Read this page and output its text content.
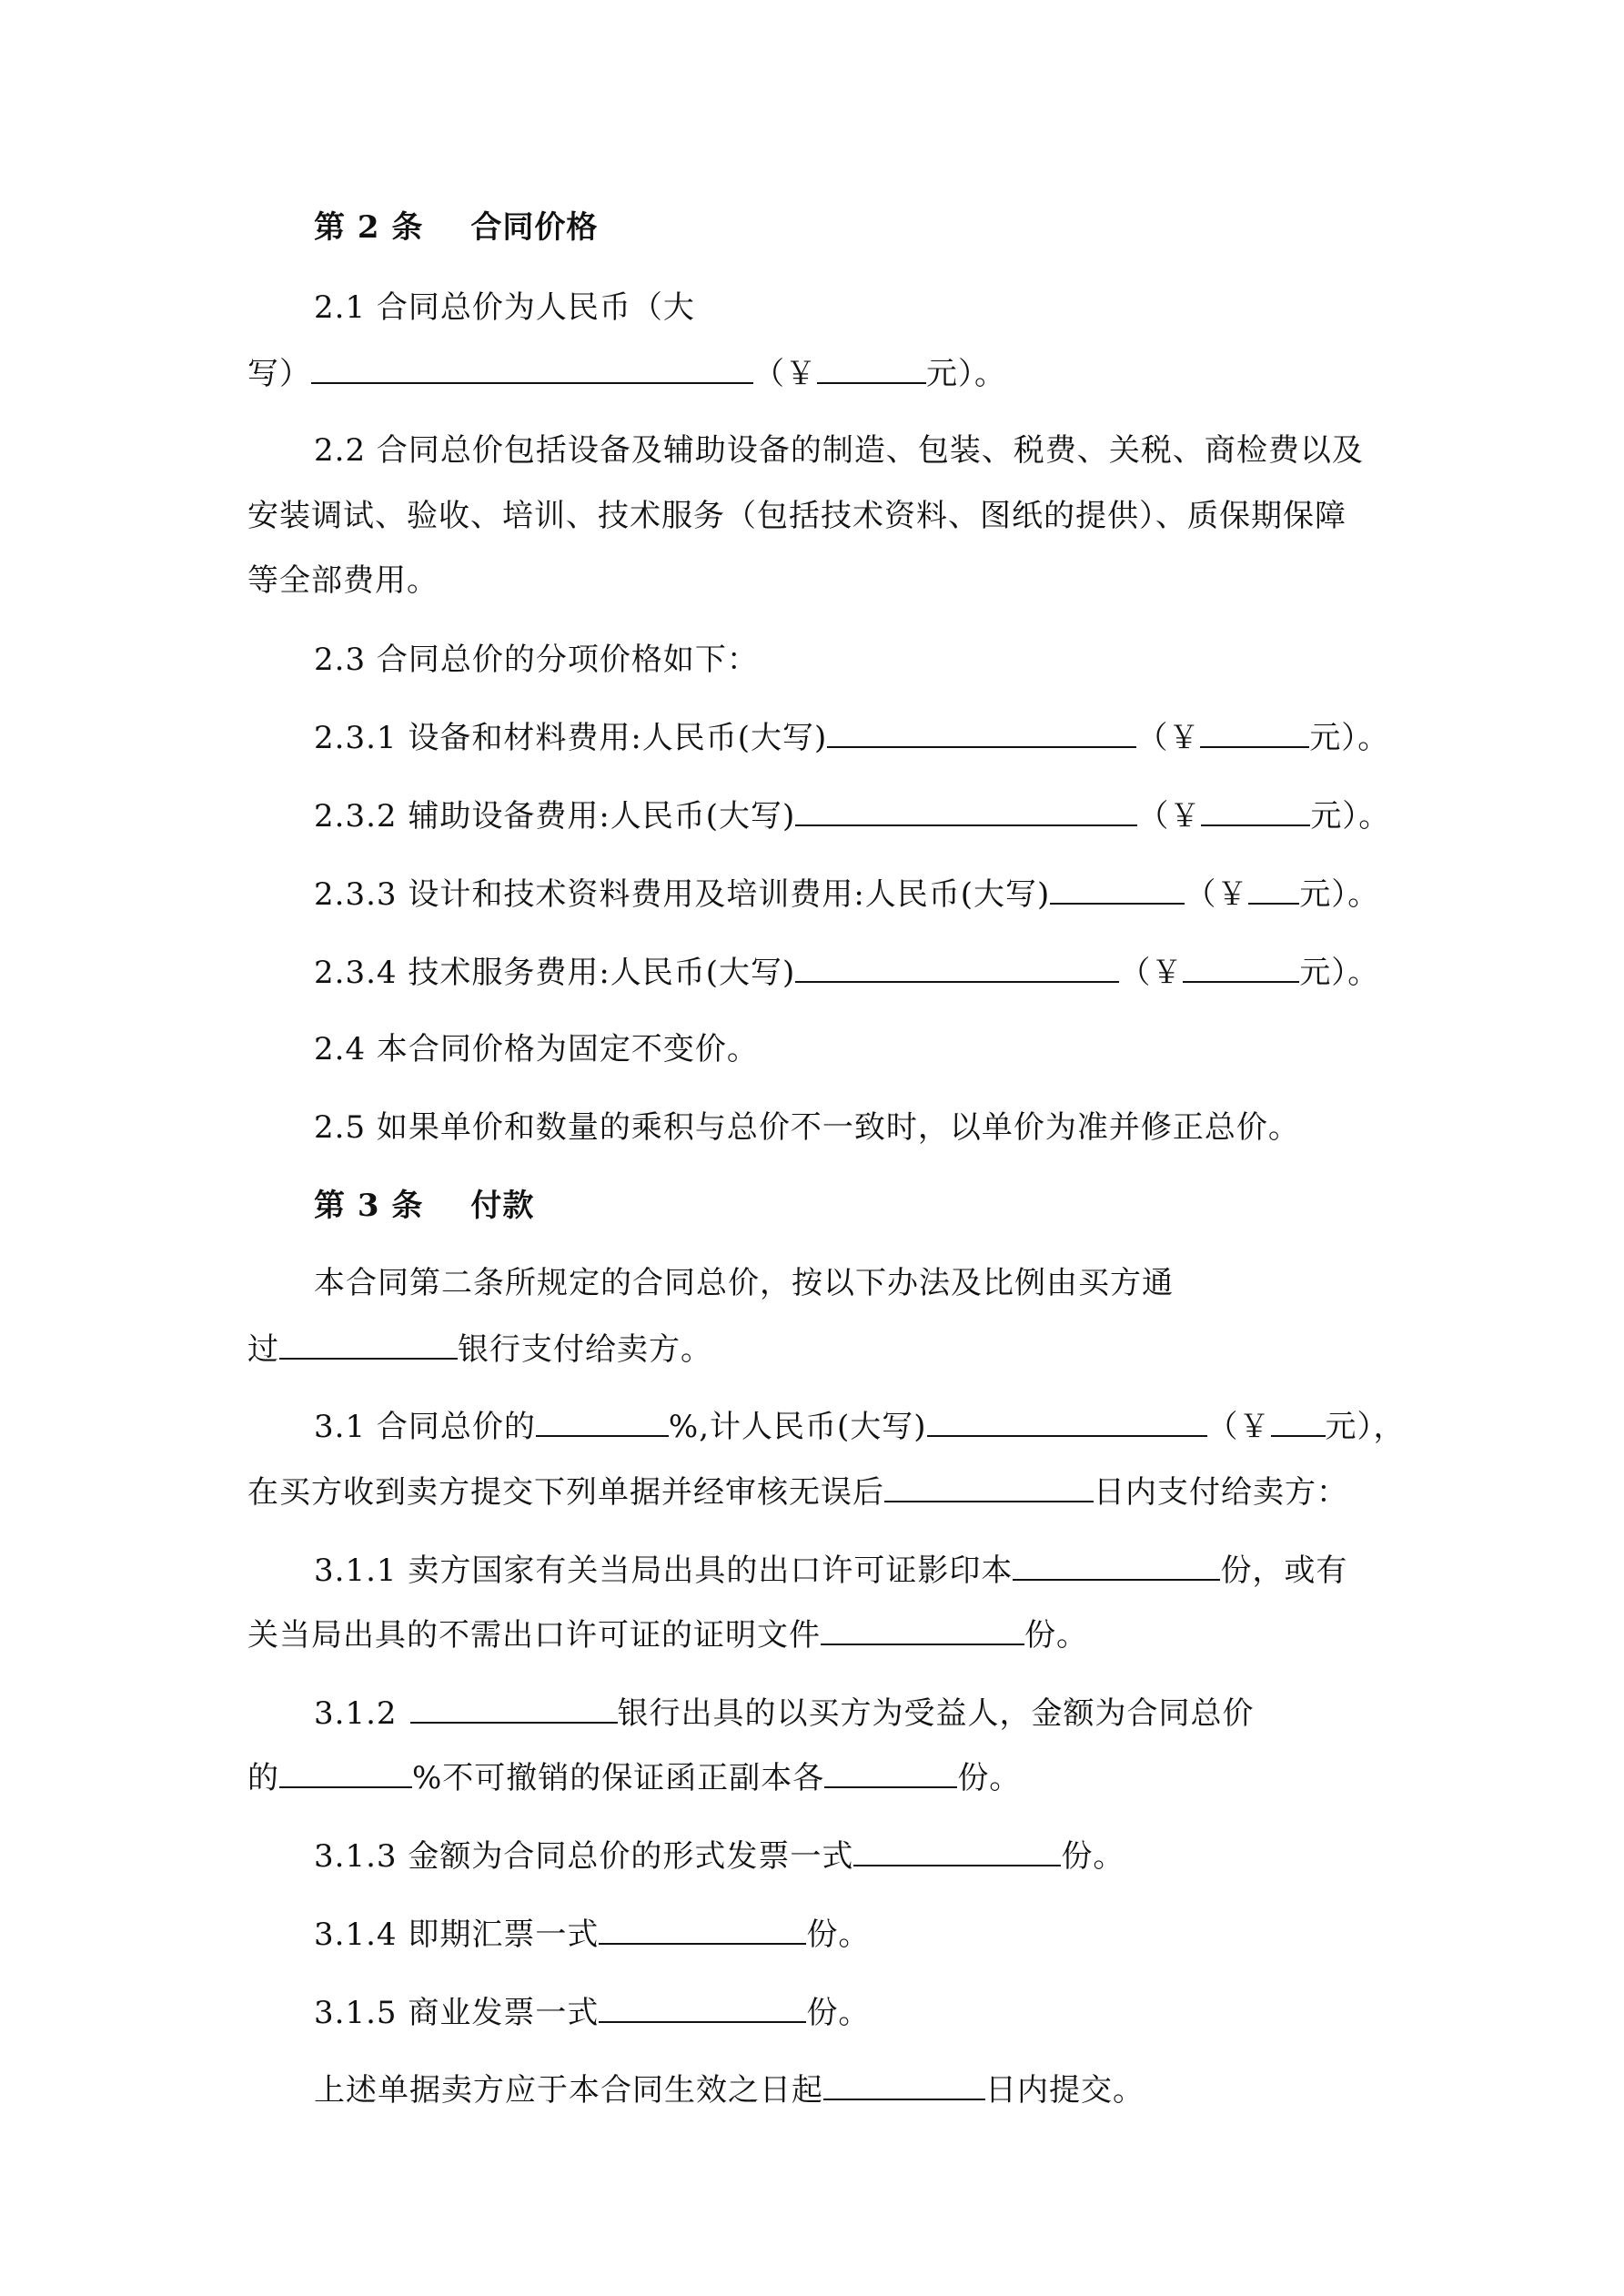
第 2 条 合同价格
2.1 合同总价为人民币（大
写）	（￥	元）。
2.2 合同总价包括设备及辅助设备的制造、包装、税费、关税、商检费以及
安装调试、验收、培训、技术服务（包括技术资料、图纸的提供）、质保期保障
等全部费用。
2.3 合同总价的分项价格如下：
2.3.1 设备和材料费用:人民币(大写)	（￥	元）。
2.3.2 辅助设备费用:人民币(大写)	（￥	元）。
2.3.3 设计和技术资料费用及培训费用:人民币(大写)	（￥ 元）。
2.3.4 技术服务费用:人民币(大写)	（￥	元）。
2.4 本合同价格为固定不变价。
2.5 如果单价和数量的乘积与总价不一致时，以单价为准并修正总价。
第 3 条 付款
本合同第二条所规定的合同总价，按以下办法及比例由买方通
过	银行支付给卖方。
3.1 合同总价的	%,计人民币(大写)	（￥ 元），
在买方收到卖方提交下列单据并经审核无误后	日内支付给卖方：
3.1.1 卖方国家有关当局出具的出口许可证影印本	份，或有
关当局出具的不需出口许可证的证明文件	份。
3.1.2	银行出具的以买方为受益人，金额为合同总价
的	%不可撤销的保证函正副本各	份。
3.1.3 金额为合同总价的形式发票一式	份。
3.1.4 即期汇票一式	份。
3.1.5 商业发票一式	份。
上述单据卖方应于本合同生效之日起	日内提交。
